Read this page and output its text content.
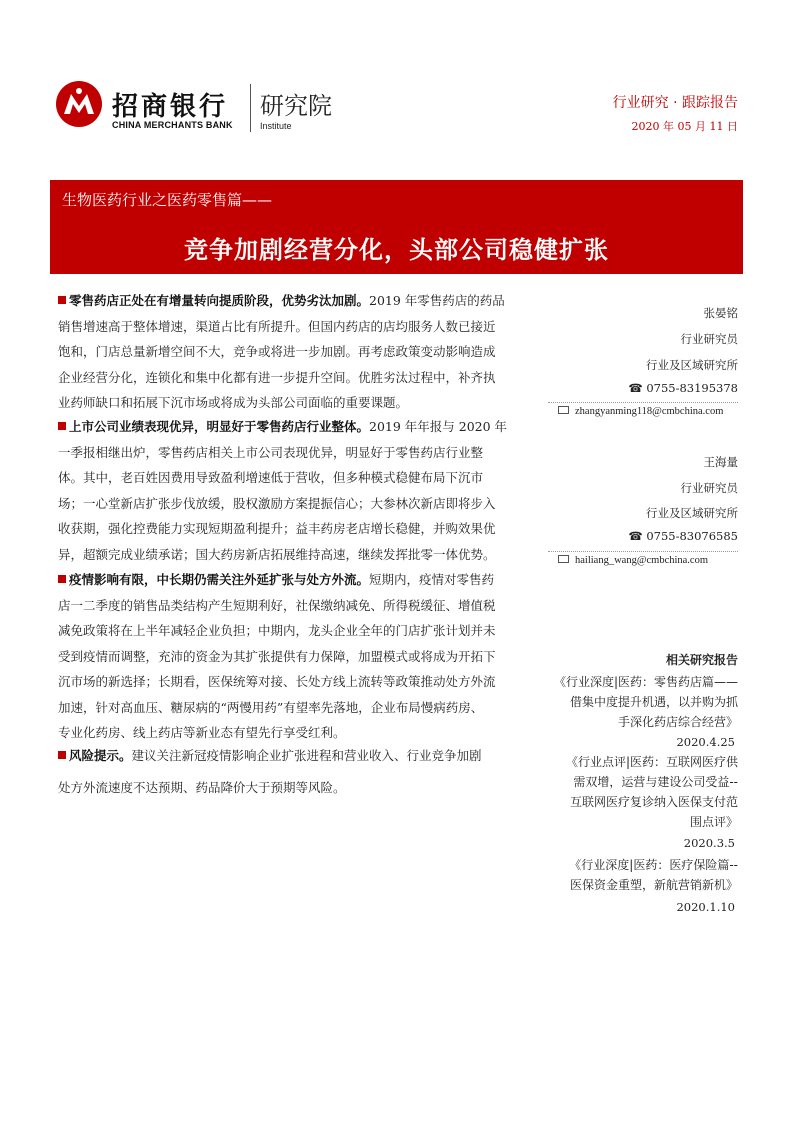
招商银行
CHINA MERCHANTS BANK
研究院
Institute
行业研究 · 跟踪报告
2020 年 05 月 11 日
生物医药行业之医药零售篇——
竞争加剧经营分化，头部公司稳健扩张
零售药店正处在有增量转向提质阶段，优势劣汰加剧。2019 年零售药店的药品
销售增速高于整体增速，渠道占比有所提升。但国内药店的店均服务人数已接近
饱和，门店总量新增空间不大，竞争或将进一步加剧。再考虑政策变动影响造成
企业经营分化，连锁化和集中化都有进一步提升空间。优胜劣汰过程中，补齐执
业药师缺口和拓展下沉市场或将成为头部公司面临的重要课题。
上市公司业绩表现优异，明显好于零售药店行业整体。2019 年年报与 2020 年
一季报相继出炉，零售药店相关上市公司表现优异，明显好于零售药店行业整
体。其中，老百姓因费用导致盈利增速低于营收，但多种模式稳健布局下沉市
场；一心堂新店扩张步伐放缓，股权激励方案提振信心；大参林次新店即将步入
收获期，强化控费能力实现短期盈利提升；益丰药房老店增长稳健，并购效果优
异，超额完成业绩承诺；国大药房新店拓展维持高速，继续发挥批零一体优势。
疫情影响有限，中长期仍需关注外延扩张与处方外流。短期内，疫情对零售药
店一二季度的销售品类结构产生短期利好，社保缴纳减免、所得税缓征、增值税
减免政策将在上半年减轻企业负担；中期内，龙头企业全年的门店扩张计划并未
受到疫情而调整，充沛的资金为其扩张提供有力保障，加盟模式或将成为开拓下
沉市场的新选择；长期看，医保统筹对接、长处方线上流转等政策推动处方外流
加速，针对高血压、糖尿病的“两慢用药”有望率先落地，企业布局慢病药房、
专业化药房、线上药店等新业态有望先行享受红利。
风险提示。建议关注新冠疫情影响企业扩张进程和营业收入、行业竞争加剧
处方外流速度不达预期、药品降价大于预期等风险。
张晏铭
行业研究员
行业及区域研究所
☎ 0755-83195378
zhangyanming118@cmbchina.com
王海量
行业研究员
行业及区域研究所
☎ 0755-83076585
hailiang_wang@cmbchina.com
相关研究报告
《行业深度|医药：零售药店篇——
借集中度提升机遇，以并购为抓
手深化药店综合经营》
2020.4.25
《行业点评|医药：互联网医疗供
需双增，运营与建设公司受益--
互联网医疗复诊纳入医保支付范
围点评》
2020.3.5
《行业深度|医药：医疗保险篇--
医保资金重塑，新航营销新机》
2020.1.10
